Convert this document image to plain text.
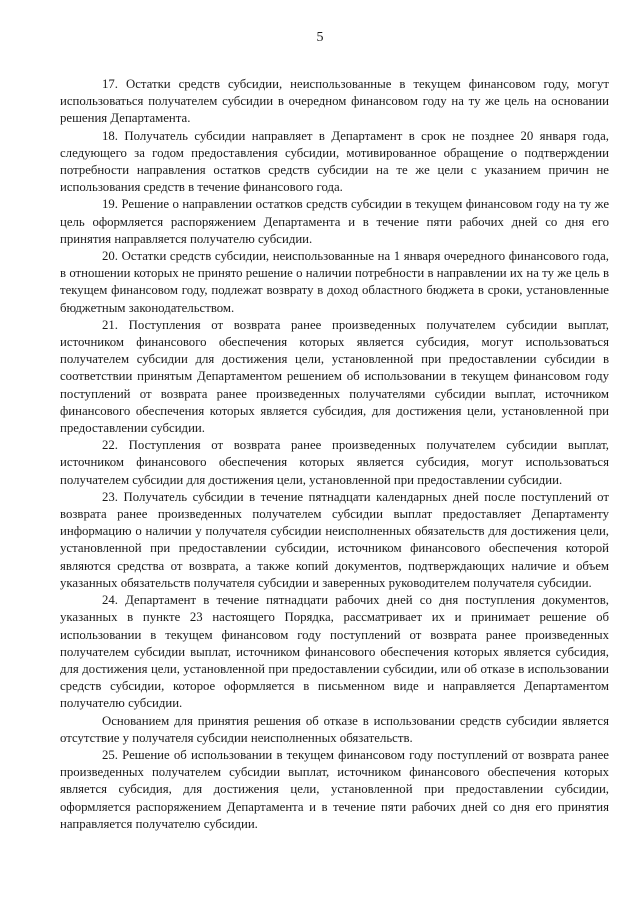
5

17. Остатки средств субсидии, неиспользованные в текущем финансовом году, могут использоваться получателем субсидии в очередном финансовом году на ту же цель на основании решения Департамента.

18. Получатель субсидии направляет в Департамент в срок не позднее 20 января года, следующего за годом предоставления субсидии, мотивированное обращение о подтверждении потребности направления остатков средств субсидии на те же цели с указанием причин не использования средств в течение финансового года.

19. Решение о направлении остатков средств субсидии в текущем финансовом году на ту же цель оформляется распоряжением Департамента и в течение пяти рабочих дней со дня его принятия направляется получателю субсидии.

20. Остатки средств субсидии, неиспользованные на 1 января очередного финансового года, в отношении которых не принято решение о наличии потребности в направлении их на ту же цель в текущем финансовом году, подлежат возврату в доход областного бюджета в сроки, установленные бюджетным законодательством.

21. Поступления от возврата ранее произведенных получателем субсидии выплат, источником финансового обеспечения которых является субсидия, могут использоваться получателем субсидии для достижения цели, установленной при предоставлении субсидии в соответствии принятым Департаментом решением об использовании в текущем финансовом году поступлений от возврата ранее произведенных получателями субсидии выплат, источником финансового обеспечения которых является субсидия, для достижения цели, установленной при предоставлении субсидии.

22. Поступления от возврата ранее произведенных получателем субсидии выплат, источником финансового обеспечения которых является субсидия, могут использоваться получателем субсидии для достижения цели, установленной при предоставлении субсидии.

23. Получатель субсидии в течение пятнадцати календарных дней после поступлений от возврата ранее произведенных получателем субсидии выплат предоставляет Департаменту информацию о наличии у получателя субсидии неисполненных обязательств для достижения цели, установленной при предоставлении субсидии, источником финансового обеспечения которой являются средства от возврата, а также копий документов, подтверждающих наличие и объем указанных обязательств получателя субсидии и заверенных руководителем получателя субсидии.

24. Департамент в течение пятнадцати рабочих дней со дня поступления документов, указанных в пункте 23 настоящего Порядка, рассматривает их и принимает решение об использовании в текущем финансовом году поступлений от возврата ранее произведенных получателем субсидии выплат, источником финансового обеспечения которых является субсидия, для достижения цели, установленной при предоставлении субсидии, или об отказе в использовании средств субсидии, которое оформляется в письменном виде и направляется Департаментом получателю субсидии.

Основанием для принятия решения об отказе в использовании средств субсидии является отсутствие у получателя субсидии неисполненных обязательств.

25. Решение об использовании в текущем финансовом году поступлений от возврата ранее произведенных получателем субсидии выплат, источником финансового обеспечения которых является субсидия, для достижения цели, установленной при предоставлении субсидии, оформляется распоряжением Департамента и в течение пяти рабочих дней со дня его принятия направляется получателю субсидии.
